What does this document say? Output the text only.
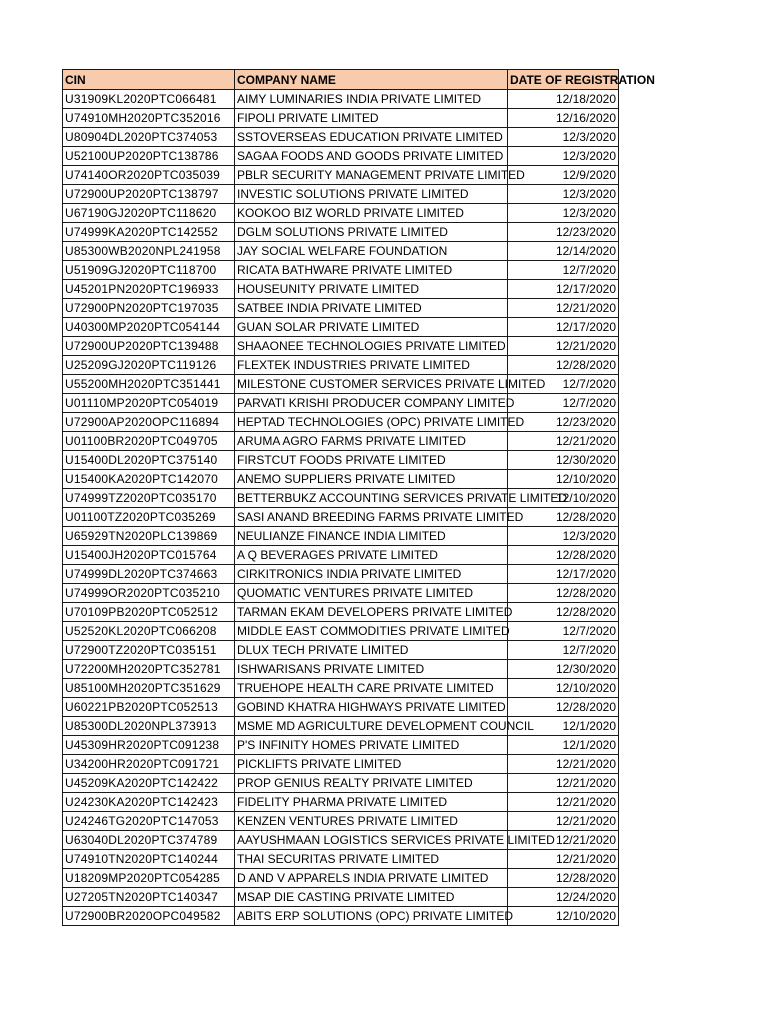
CIN	COMPANY NAME	DATE OF REGISTRATION
U31909KL2020PTC066481	AIMY LUMINARIES INDIA PRIVATE LIMITED	12/18/2020
U74910MH2020PTC352016	FIPOLI PRIVATE LIMITED	12/16/2020
U80904DL2020PTC374053	SSTOVERSEAS EDUCATION PRIVATE LIMITED	12/3/2020
U52100UP2020PTC138786	SAGAA FOODS AND GOODS PRIVATE LIMITED	12/3/2020
U74140OR2020PTC035039	PBLR SECURITY MANAGEMENT PRIVATE LIMITED	12/9/2020
U72900UP2020PTC138797	INVESTIC SOLUTIONS PRIVATE LIMITED	12/3/2020
U67190GJ2020PTC118620	KOOKOO BIZ WORLD PRIVATE LIMITED	12/3/2020
U74999KA2020PTC142552	DGLM SOLUTIONS PRIVATE LIMITED	12/23/2020
U85300WB2020NPL241958	JAY SOCIAL WELFARE FOUNDATION	12/14/2020
U51909GJ2020PTC118700	RICATA BATHWARE PRIVATE LIMITED	12/7/2020
U45201PN2020PTC196933	HOUSEUNITY PRIVATE LIMITED	12/17/2020
U72900PN2020PTC197035	SATBEE INDIA PRIVATE LIMITED	12/21/2020
U40300MP2020PTC054144	GUAN SOLAR PRIVATE LIMITED	12/17/2020
U72900UP2020PTC139488	SHAAONEE TECHNOLOGIES PRIVATE LIMITED	12/21/2020
U25209GJ2020PTC119126	FLEXTEK INDUSTRIES PRIVATE LIMITED	12/28/2020
U55200MH2020PTC351441	MILESTONE CUSTOMER SERVICES PRIVATE LIMITED	12/7/2020
U01110MP2020PTC054019	PARVATI KRISHI PRODUCER COMPANY LIMITED	12/7/2020
U72900AP2020OPC116894	HEPTAD TECHNOLOGIES (OPC) PRIVATE LIMITED	12/23/2020
U01100BR2020PTC049705	ARUMA AGRO FARMS PRIVATE LIMITED	12/21/2020
U15400DL2020PTC375140	FIRSTCUT FOODS PRIVATE LIMITED	12/30/2020
U15400KA2020PTC142070	ANEMO SUPPLIERS PRIVATE LIMITED	12/10/2020
U74999TZ2020PTC035170	BETTERBUKZ ACCOUNTING SERVICES PRIVATE LIMITED	12/10/2020
U01100TZ2020PTC035269	SASI ANAND BREEDING FARMS PRIVATE LIMITED	12/28/2020
U65929TN2020PLC139869	NEULIANZE FINANCE INDIA LIMITED	12/3/2020
U15400JH2020PTC015764	A Q BEVERAGES PRIVATE LIMITED	12/28/2020
U74999DL2020PTC374663	CIRKITRONICS INDIA PRIVATE LIMITED	12/17/2020
U74999OR2020PTC035210	QUOMATIC VENTURES PRIVATE LIMITED	12/28/2020
U70109PB2020PTC052512	TARMAN EKAM DEVELOPERS PRIVATE LIMITED	12/28/2020
U52520KL2020PTC066208	MIDDLE EAST COMMODITIES PRIVATE LIMITED	12/7/2020
U72900TZ2020PTC035151	DLUX TECH PRIVATE LIMITED	12/7/2020
U72200MH2020PTC352781	ISHWARISANS PRIVATE LIMITED	12/30/2020
U85100MH2020PTC351629	TRUEHOPE HEALTH CARE PRIVATE LIMITED	12/10/2020
U60221PB2020PTC052513	GOBIND KHATRA HIGHWAYS PRIVATE LIMITED	12/28/2020
U85300DL2020NPL373913	MSME MD AGRICULTURE DEVELOPMENT COUNCIL	12/1/2020
U45309HR2020PTC091238	P'S INFINITY HOMES PRIVATE LIMITED	12/1/2020
U34200HR2020PTC091721	PICKLIFTS PRIVATE LIMITED	12/21/2020
U45209KA2020PTC142422	PROP GENIUS REALTY PRIVATE LIMITED	12/21/2020
U24230KA2020PTC142423	FIDELITY PHARMA PRIVATE LIMITED	12/21/2020
U24246TG2020PTC147053	KENZEN VENTURES PRIVATE LIMITED	12/21/2020
U63040DL2020PTC374789	AAYUSHMAAN LOGISTICS SERVICES PRIVATE LIMITED	12/21/2020
U74910TN2020PTC140244	THAI SECURITAS PRIVATE LIMITED	12/21/2020
U18209MP2020PTC054285	D AND V APPARELS INDIA PRIVATE LIMITED	12/28/2020
U27205TN2020PTC140347	MSAP DIE CASTING PRIVATE LIMITED	12/24/2020
U72900BR2020OPC049582	ABITS ERP SOLUTIONS (OPC) PRIVATE LIMITED	12/10/2020
